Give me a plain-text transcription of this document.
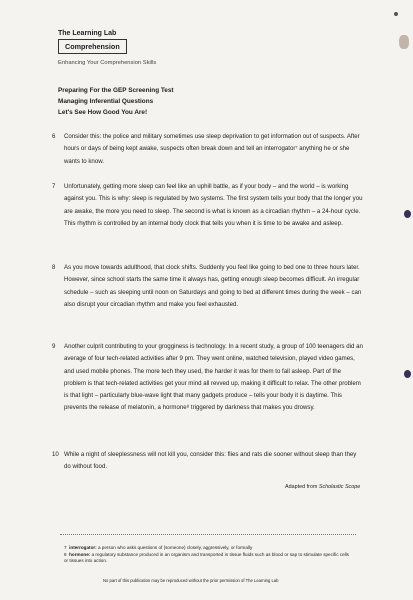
The Learning Lab
Comprehension
Enhancing Your Comprehension Skills
Preparing For the GEP Screening Test
Managing Inferential Questions
Let's See How Good You Are!
6 Consider this: the police and military sometimes use sleep deprivation to get information out of suspects. After hours or days of being kept awake, suspects often break down and tell an interrogator⁷ anything he or she wants to know.
7 Unfortunately, getting more sleep can feel like an uphill battle, as if your body – and the world – is working against you. This is why: sleep is regulated by two systems. The first system tells your body that the longer you are awake, the more you need to sleep. The second is what is known as a circadian rhythm – a 24-hour cycle. This rhythm is controlled by an internal body clock that tells you when it is time to be awake and asleep.
8 As you move towards adulthood, that clock shifts. Suddenly you feel like going to bed one to three hours later. However, since school starts the same time it always has, getting enough sleep becomes difficult. An irregular schedule – such as sleeping until noon on Saturdays and going to bed at different times during the week – can also disrupt your circadian rhythm and make you feel exhausted.
9 Another culprit contributing to your grogginess is technology. In a recent study, a group of 100 teenagers did an average of four tech-related activities after 9 pm. They went online, watched television, played video games, and used mobile phones. The more tech they used, the harder it was for them to fall asleep. Part of the problem is that tech-related activities get your mind all revved up, making it difficult to relax. The other problem is that light – particularly blue-wave light that many gadgets produce – tells your body it is daytime. This prevents the release of melatonin, a hormone⁸ triggered by darkness that makes you drowsy.
10 While a night of sleeplessness will not kill you, consider this: flies and rats die sooner without sleep than they do without food.
Adapted from Scholastic Scope
7 interrogator: a person who asks questions of (someone) closely, aggressively, or formally
8 hormone: a regulatory substance produced in an organism and transported in tissue fluids such as blood or sap to stimulate specific cells or tissues into action.
No part of this publication may be reproduced without the prior permission of The Learning Lab
